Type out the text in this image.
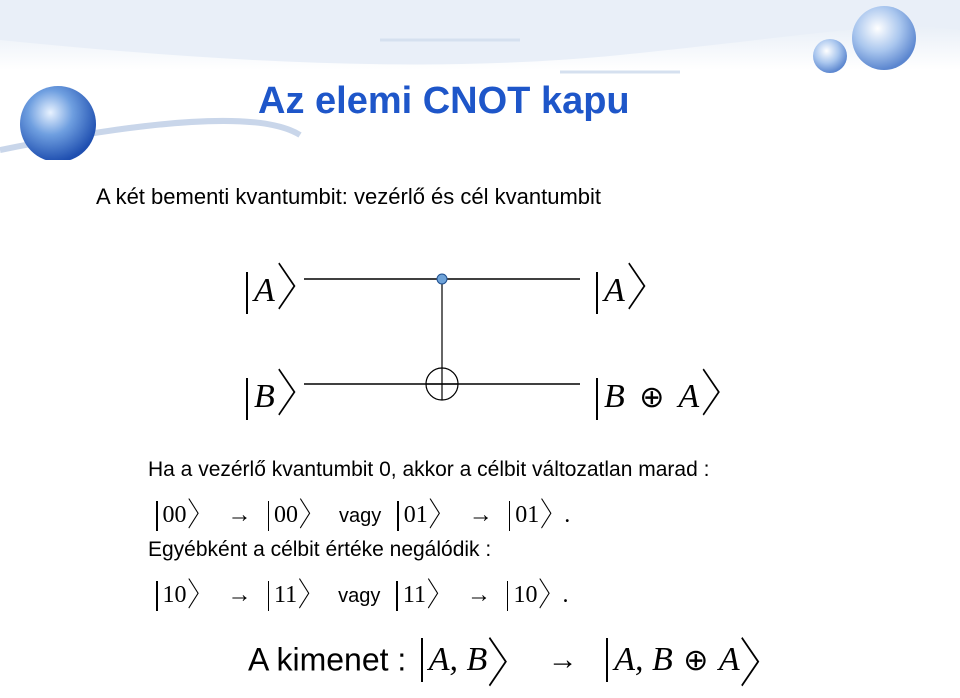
Az elemi CNOT kapu
A két bementi kvantumbit: vezérlő és cél kvantumbit
A〉
B〉
A〉
B ⊕ A〉
Ha a vezérlő kvantumbit 0, akkor a célbit változatlan marad :
00〉 → 00〉 vagy 01〉 → 01〉.
Egyébként a célbit értéke negálódik :
10〉 → 11〉 vagy 11〉 → 10〉.
A kimenet : A, B〉 → A, B ⊕ A〉
